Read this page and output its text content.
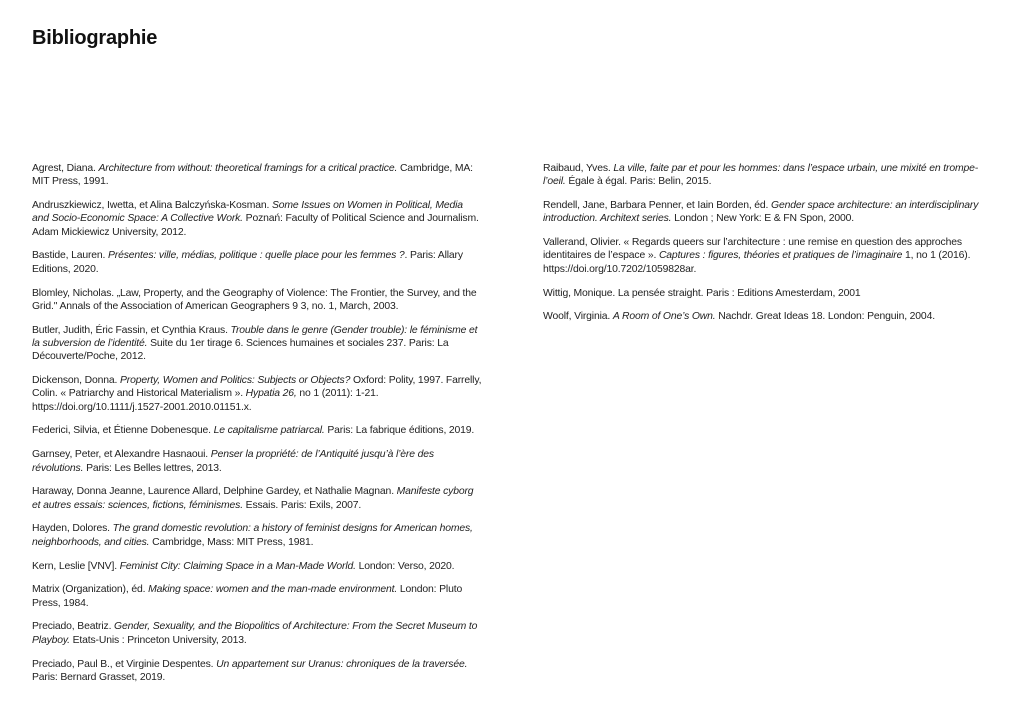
Bibliographie

Agrest, Diana. Architecture from without: theoretical framings for a critical practice. Cambridge, MA: MIT Press, 1991.

Andruszkiewicz, Iwetta, et Alina Balczyńska-Kosman. Some Issues on Women in Political, Media and Socio-Economic Space: A Collective Work. Poznań: Faculty of Political Science and Journalism. Adam Mickiewicz University, 2012.

Bastide, Lauren. Présentes: ville, médias, politique : quelle place pour les femmes ?. Paris: Allary Editions, 2020.

Blomley, Nicholas. „Law, Property, and the Geography of Violence: The Frontier, the Survey, and the Grid." Annals of the Association of American Geographers 9 3, no. 1, March, 2003.

Butler, Judith, Éric Fassin, et Cynthia Kraus. Trouble dans le genre (Gender trouble): le féminisme et la subversion de l’identité. Suite du 1er tirage 6. Sciences humaines et sociales 237. Paris: La Découverte/Poche, 2012.

Dickenson, Donna. Property, Women and Politics: Subjects or Objects? Oxford: Polity, 1997. Farrelly, Colin. « Patriarchy and Historical Materialism ». Hypatia 26, no 1 (2011): 1-21. https://doi.org/10.1111/j.1527-2001.2010.01151.x.

Federici, Silvia, et Étienne Dobenesque. Le capitalisme patriarcal. Paris: La fabrique éditions, 2019.

Garnsey, Peter, et Alexandre Hasnaoui. Penser la propriété: de l’Antiquité jusqu’à l’ère des révolutions. Paris: Les Belles lettres, 2013.

Haraway, Donna Jeanne, Laurence Allard, Delphine Gardey, et Nathalie Magnan. Manifeste cyborg et autres essais: sciences, fictions, féminismes. Essais. Paris: Exils, 2007.

Hayden, Dolores. The grand domestic revolution: a history of feminist designs for American homes, neighborhoods, and cities. Cambridge, Mass: MIT Press, 1981.

Kern, Leslie [VNV]. Feminist City: Claiming Space in a Man-Made World. London: Verso, 2020.

Matrix (Organization), éd. Making space: women and the man-made environment. London: Pluto Press, 1984.

Preciado, Beatriz. Gender, Sexuality, and the Biopolitics of Architecture: From the Secret Museum to Playboy. Etats-Unis : Princeton University, 2013.

Preciado, Paul B., et Virginie Despentes. Un appartement sur Uranus: chroniques de la traversée. Paris: Bernard Grasset, 2019.

Raibaud, Yves. La ville, faite par et pour les hommes: dans l’espace urbain, une mixité en trompe-l’oeil. Égale à égal. Paris: Belin, 2015.

Rendell, Jane, Barbara Penner, et Iain Borden, éd. Gender space architecture: an interdisciplinary introduction. Architext series. London ; New York: E & FN Spon, 2000.

Vallerand, Olivier. « Regards queers sur l’architecture : une remise en question des approches identitaires de l’espace ». Captures : figures, théories et pratiques de l’imaginaire 1, no 1 (2016). https://doi.org/10.7202/1059828ar.

Wittig, Monique. La pensée straight. Paris : Editions Amesterdam, 2001

Woolf, Virginia. A Room of One’s Own. Nachdr. Great Ideas 18. London: Penguin, 2004.
